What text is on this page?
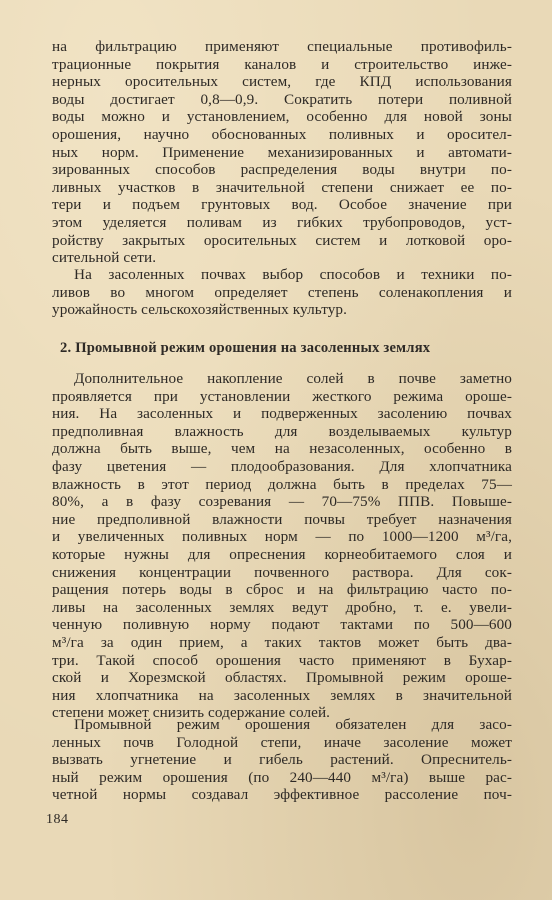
на фильтрацию применяют специальные противофиль-
трационные покрытия каналов и строительство инже-
нерных оросительных систем, где КПД использования
воды достигает 0,8—0,9. Сократить потери поливной
воды можно и установлением, особенно для новой зоны
орошения, научно обоснованных поливных и оросител-
ных норм. Применение механизированных и автомати-
зированных способов распределения воды внутри по-
ливных участков в значительной степени снижает ее по-
тери и подъем грунтовых вод. Особое значение при
этом уделяется поливам из гибких трубопроводов, уст-
ройству закрытых оросительных систем и лотковой оро-
сительной сети.
На засоленных почвах выбор способов и техники по-
ливов во многом определяет степень соленакопления и
урожайность сельскохозяйственных культур.
2. Промывной режим орошения на засоленных землях
Дополнительное накопление солей в почве заметно
проявляется при установлении жесткого режима ороше-
ния. На засоленных и подверженных засолению почвах
предполивная влажность для возделываемых культур
должна быть выше, чем на незасоленных, особенно в
фазу цветения — плодообразования. Для хлопчатника
влажность в этот период должна быть в пределах 75—
80%, а в фазу созревания — 70—75% ППВ. Повыше-
ние предполивной влажности почвы требует назначения
и увеличенных поливных норм — по 1000—1200 м³/га,
которые нужны для опреснения корнеобитаемого слоя и
снижения концентрации почвенного раствора. Для сок-
ращения потерь воды в сброс и на фильтрацию часто по-
ливы на засоленных землях ведут дробно, т. е. увели-
ченную поливную норму подают тактами по 500—600
м³/га за один прием, а таких тактов может быть два-
три. Такой способ орошения часто применяют в Бухар-
ской и Хорезмской областях. Промывной режим ороше-
ния хлопчатника на засоленных землях в значительной
степени может снизить содержание солей.
Промывной режим орошения обязателен для засо-
ленных почв Голодной степи, иначе засоление может
вызвать угнетение и гибель растений. Опреснитель-
ный режим орошения (по 240—440 м³/га) выше рас-
четной нормы создавал эффективное рассоление поч-
184
